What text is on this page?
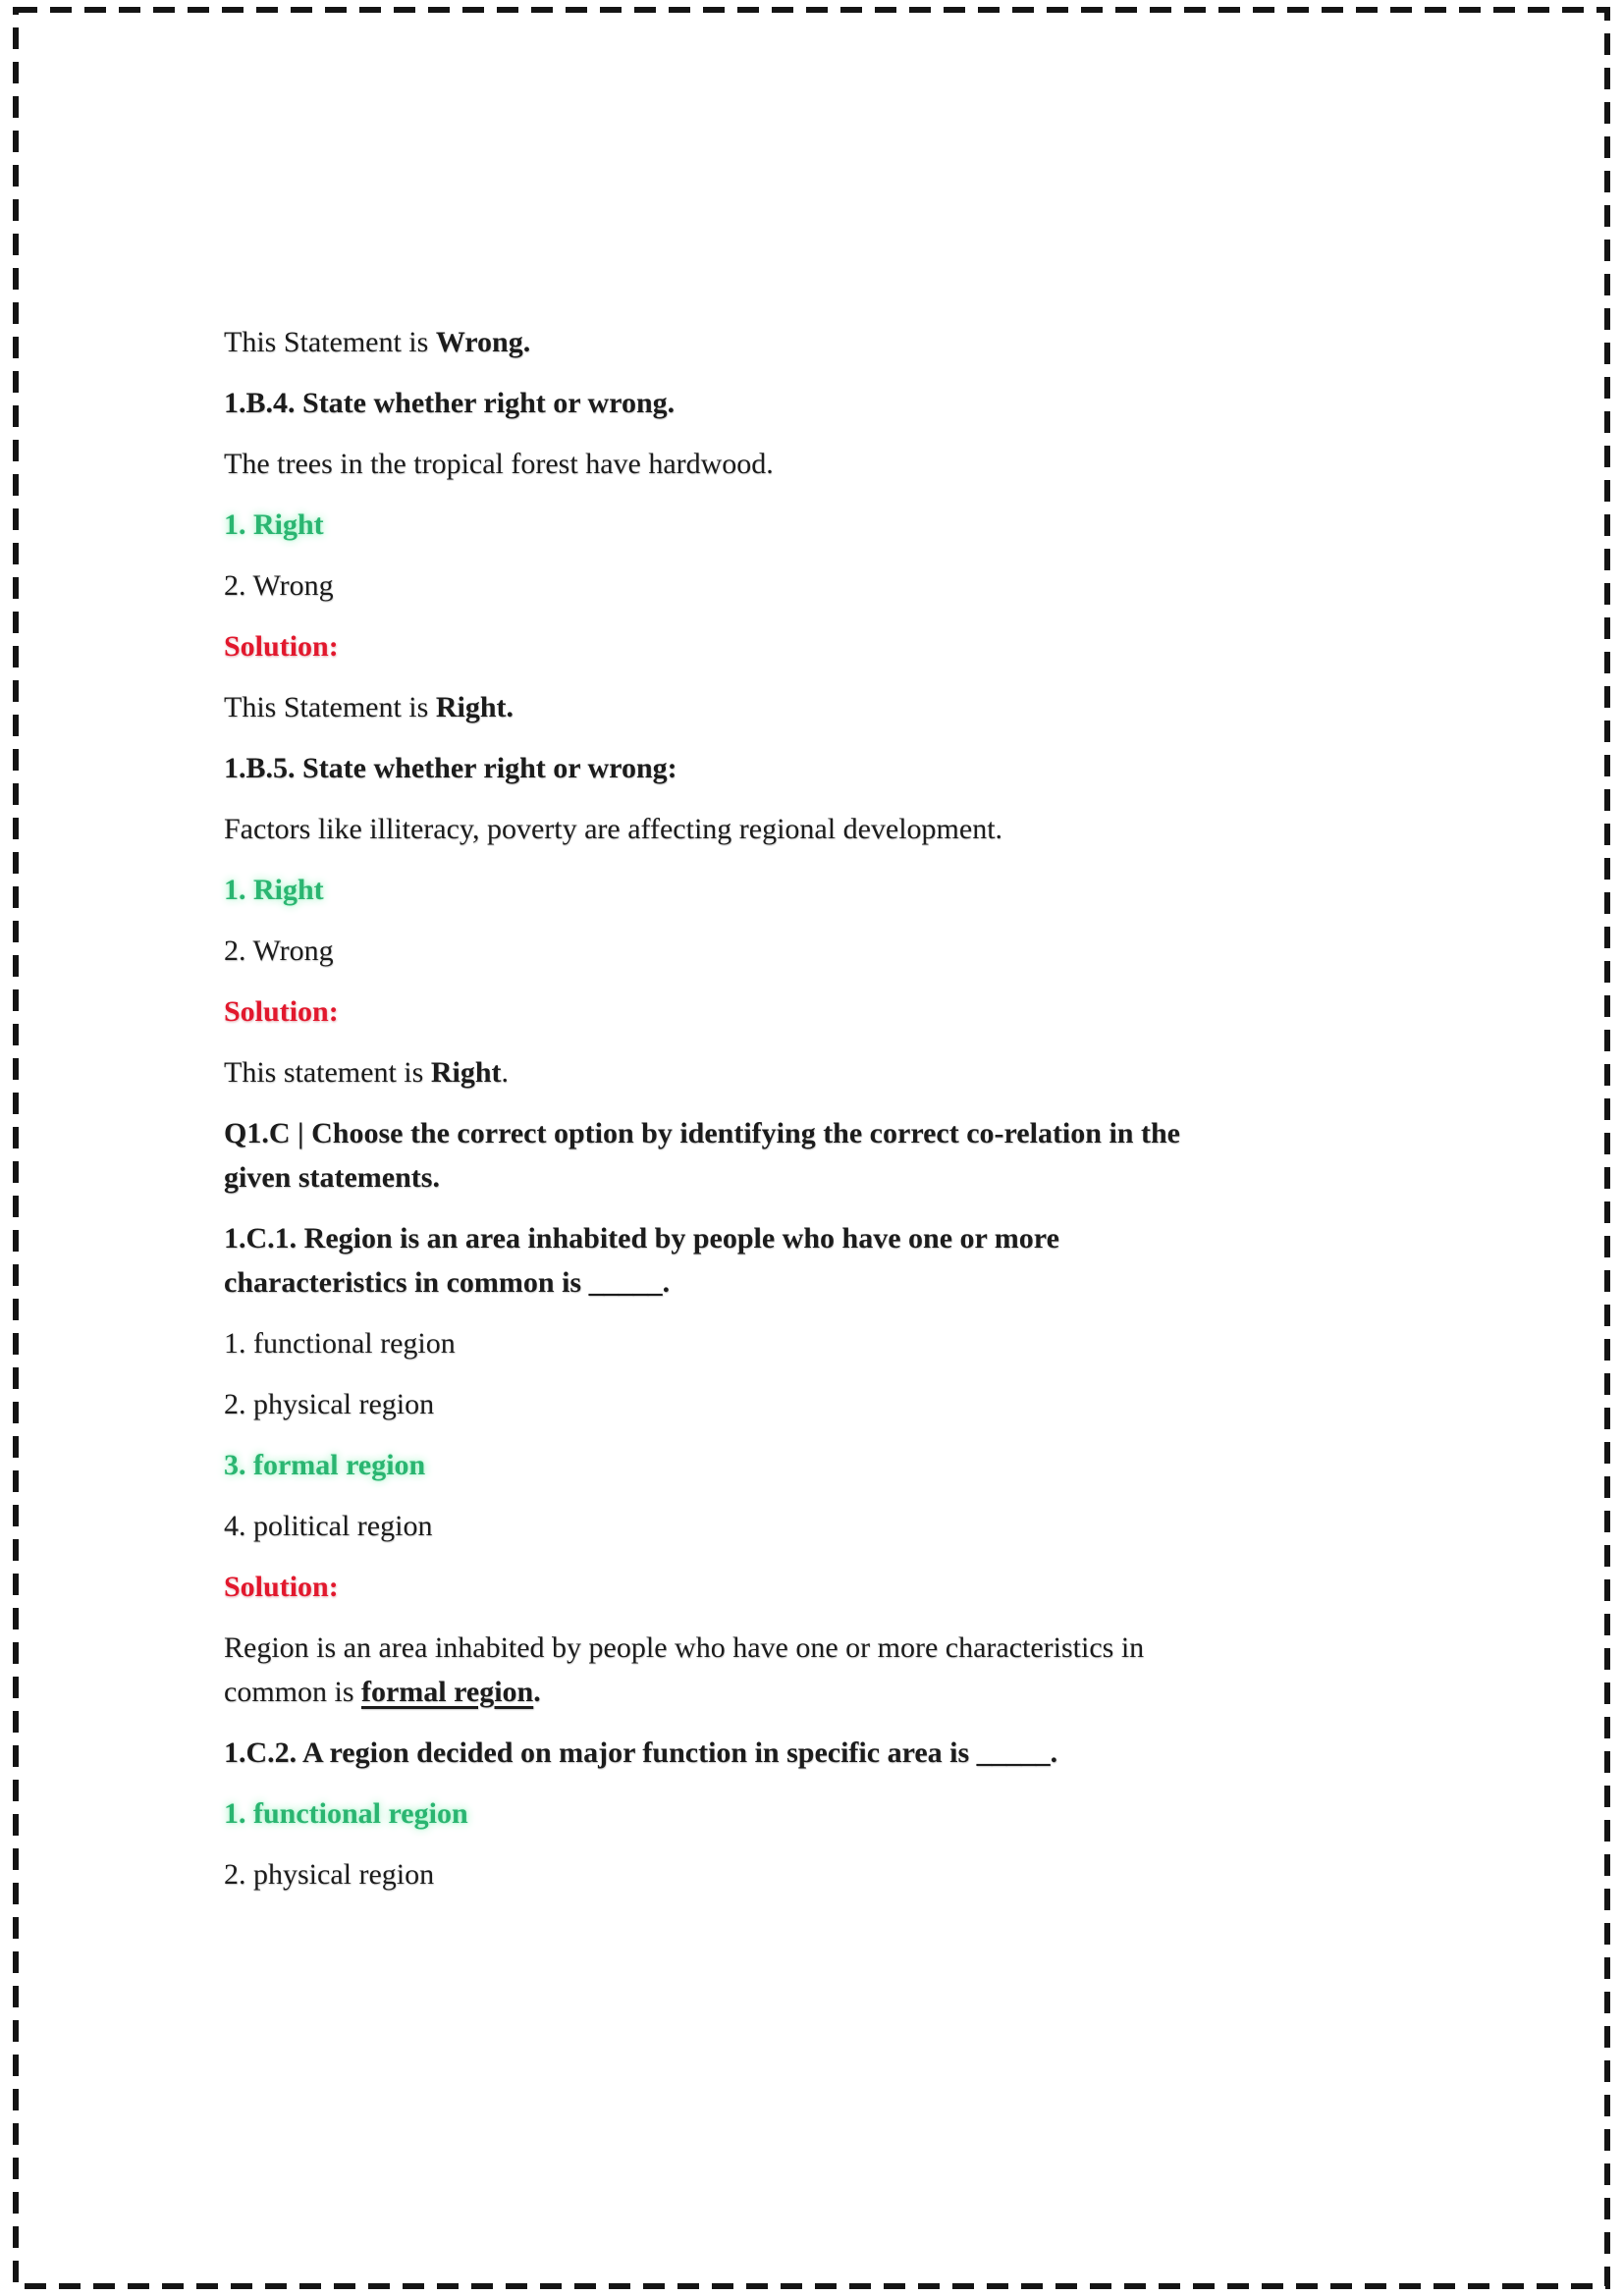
This Statement is Wrong.

1.B.4. State whether right or wrong.

The trees in the tropical forest have hardwood.

1. Right

2. Wrong

Solution:

This Statement is Right.

1.B.5. State whether right or wrong:

Factors like illiteracy, poverty are affecting regional development.

1. Right

2. Wrong

Solution:

This statement is Right.

Q1.C | Choose the correct option by identifying the correct co-relation in the
given statements.

1.C.1. Region is an area inhabited by people who have one or more
characteristics in common is _____.

1. functional region

2. physical region

3. formal region

4. political region

Solution:

Region is an area inhabited by people who have one or more characteristics in
common is formal region.

1.C.2. A region decided on major function in specific area is _____.

1. functional region

2. physical region
